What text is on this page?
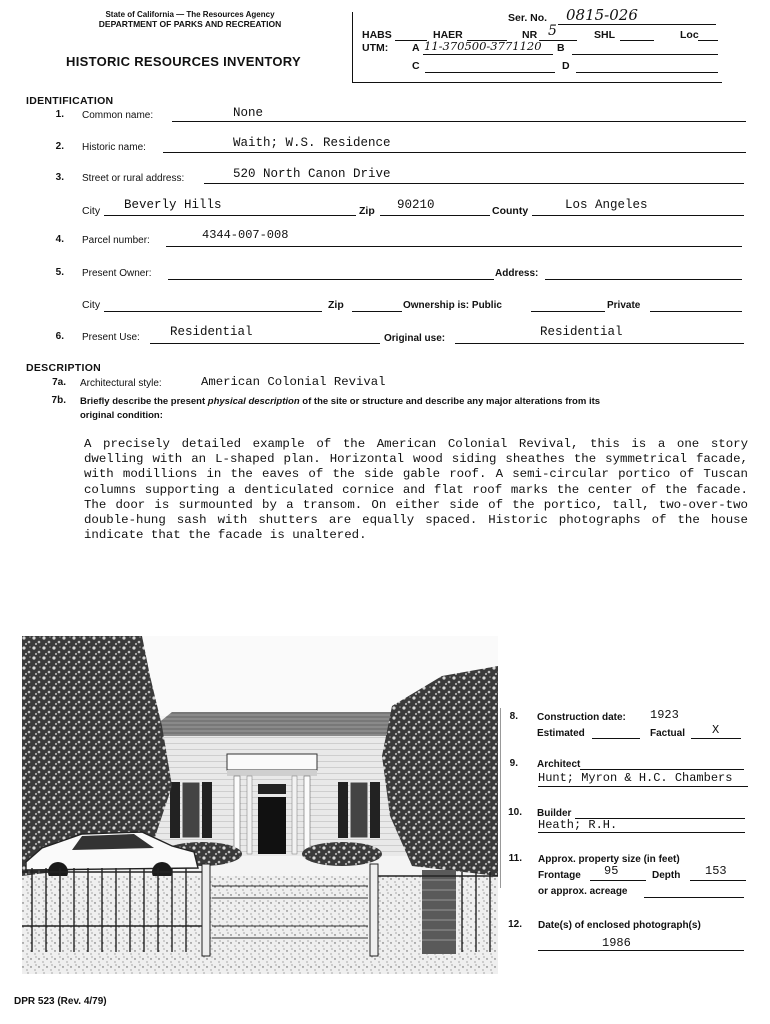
State of California — The Resources Agency
DEPARTMENT OF PARKS AND RECREATION
HISTORIC RESOURCES INVENTORY
Ser. No. 0815-026
HABS	HAER	NR 5	SHL	Loc
UTM: A 11-370500-3771120 B
C	D
IDENTIFICATION
1. Common name:	None
2. Historic name:	Waith; W.S. Residence
3. Street or rural address:	520 North Canon Drive
City Beverly Hills	Zip 90210	County	Los Angeles
4. Parcel number:	4344-007-008
5. Present Owner:	Address:
City	Zip	Ownership is: Public	Private
6. Present Use: Residential	Original use:	Residential
DESCRIPTION
7a. Architectural style:	American Colonial Revival
7b. Briefly describe the present physical description of the site or structure and describe any major alterations from its
original condition:
A precisely detailed example of the American Colonial Revival, this is a one story dwelling with an L-shaped plan. Horizontal wood siding sheathes the symmetrical facade, with modillions in the eaves of the side gable roof. A semi-circular portico of Tuscan columns supporting a denticulated cornice and flat roof marks the center of the facade. The door is surmounted by a transom. On either side of the portico, tall, two-over-two double-hung sash with shutters are equally spaced. Historic photographs of the house indicate that the facade is unaltered.
8. Construction date: 1923
Estimated	Factual X
9. Architect
Hunt; Myron & H.C. Chambers
10. Builder
Heath; R.H.
11. Approx. property size (in feet)
Frontage 95	Depth 153
or approx. acreage
12. Date(s) of enclosed photograph(s)
1986
DPR 523 (Rev. 4/79)
